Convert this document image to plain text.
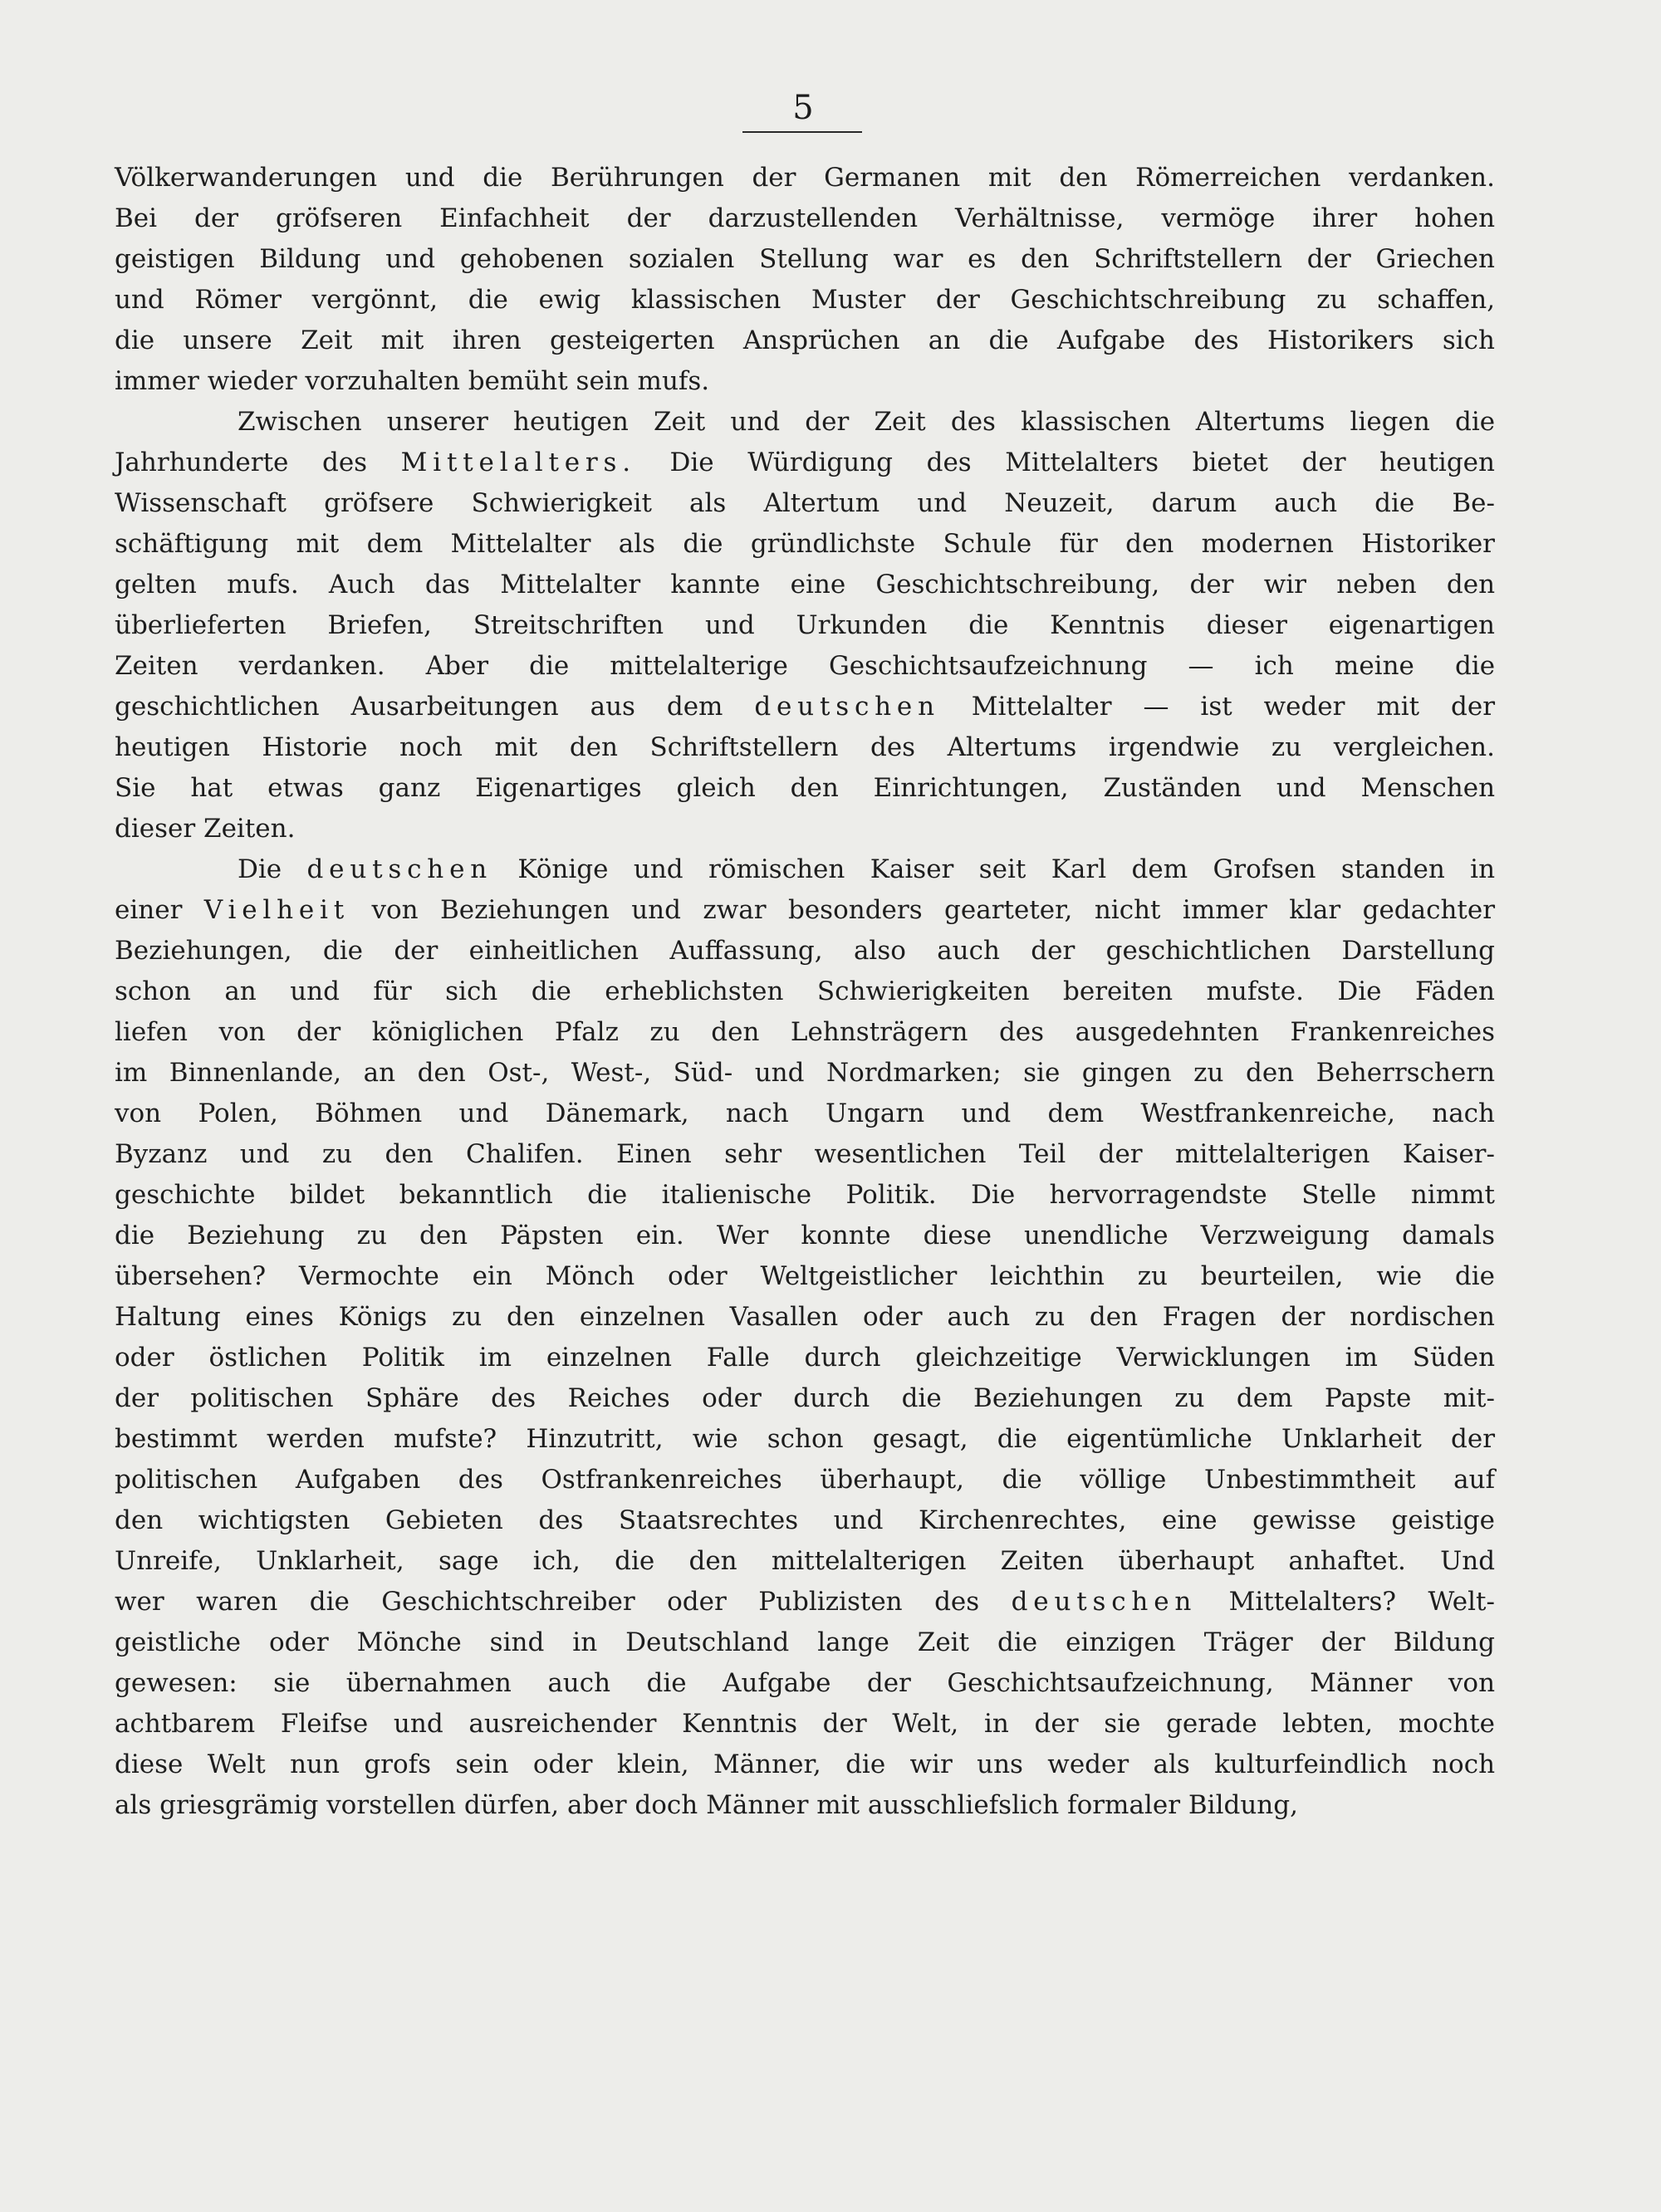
5
Völkerwanderungen und die Berührungen der Germanen mit den Römerreichen verdanken.
Bei der gröfseren Einfachheit der darzustellenden Verhältnisse, vermöge ihrer hohen
geistigen Bildung und gehobenen sozialen Stellung war es den Schriftstellern der Griechen
und Römer vergönnt, die ewig klassischen Muster der Geschichtschreibung zu schaffen,
die unsere Zeit mit ihren gesteigerten Ansprüchen an die Aufgabe des Historikers sich
immer wieder vorzuhalten bemüht sein mufs.
Zwischen unserer heutigen Zeit und der Zeit des klassischen Altertums liegen die
Jahrhunderte des Mittelalters. Die Würdigung des Mittelalters bietet der heutigen
Wissenschaft gröfsere Schwierigkeit als Altertum und Neuzeit, darum auch die Be-
schäftigung mit dem Mittelalter als die gründlichste Schule für den modernen Historiker
gelten mufs. Auch das Mittelalter kannte eine Geschichtschreibung, der wir neben den
überlieferten Briefen, Streitschriften und Urkunden die Kenntnis dieser eigenartigen
Zeiten verdanken. Aber die mittelalterige Geschichtsaufzeichnung — ich meine die
geschichtlichen Ausarbeitungen aus dem deutschen Mittelalter — ist weder mit der
heutigen Historie noch mit den Schriftstellern des Altertums irgendwie zu vergleichen.
Sie hat etwas ganz Eigenartiges gleich den Einrichtungen, Zuständen und Menschen
dieser Zeiten.
Die deutschen Könige und römischen Kaiser seit Karl dem Grofsen standen in
einer Vielheit von Beziehungen und zwar besonders gearteter, nicht immer klar gedachter
Beziehungen, die der einheitlichen Auffassung, also auch der geschichtlichen Darstellung
schon an und für sich die erheblichsten Schwierigkeiten bereiten mufste. Die Fäden
liefen von der königlichen Pfalz zu den Lehnsträgern des ausgedehnten Frankenreiches
im Binnenlande, an den Ost-, West-, Süd- und Nordmarken; sie gingen zu den Beherrschern
von Polen, Böhmen und Dänemark, nach Ungarn und dem Westfrankenreiche, nach
Byzanz und zu den Chalifen. Einen sehr wesentlichen Teil der mittelalterigen Kaiser-
geschichte bildet bekanntlich die italienische Politik. Die hervorragendste Stelle nimmt
die Beziehung zu den Päpsten ein. Wer konnte diese unendliche Verzweigung damals
übersehen? Vermochte ein Mönch oder Weltgeistlicher leichthin zu beurteilen, wie die
Haltung eines Königs zu den einzelnen Vasallen oder auch zu den Fragen der nordischen
oder östlichen Politik im einzelnen Falle durch gleichzeitige Verwicklungen im Süden
der politischen Sphäre des Reiches oder durch die Beziehungen zu dem Papste mit-
bestimmt werden mufste? Hinzutritt, wie schon gesagt, die eigentümliche Unklarheit der
politischen Aufgaben des Ostfrankenreiches überhaupt, die völlige Unbestimmtheit auf
den wichtigsten Gebieten des Staatsrechtes und Kirchenrechtes, eine gewisse geistige
Unreife, Unklarheit, sage ich, die den mittelalterigen Zeiten überhaupt anhaftet. Und
wer waren die Geschichtschreiber oder Publizisten des deutschen Mittelalters? Welt-
geistliche oder Mönche sind in Deutschland lange Zeit die einzigen Träger der Bildung
gewesen: sie übernahmen auch die Aufgabe der Geschichtsaufzeichnung, Männer von
achtbarem Fleifse und ausreichender Kenntnis der Welt, in der sie gerade lebten, mochte
diese Welt nun grofs sein oder klein, Männer, die wir uns weder als kulturfeindlich noch
als griesgrämig vorstellen dürfen, aber doch Männer mit ausschliefslich formaler Bildung,
